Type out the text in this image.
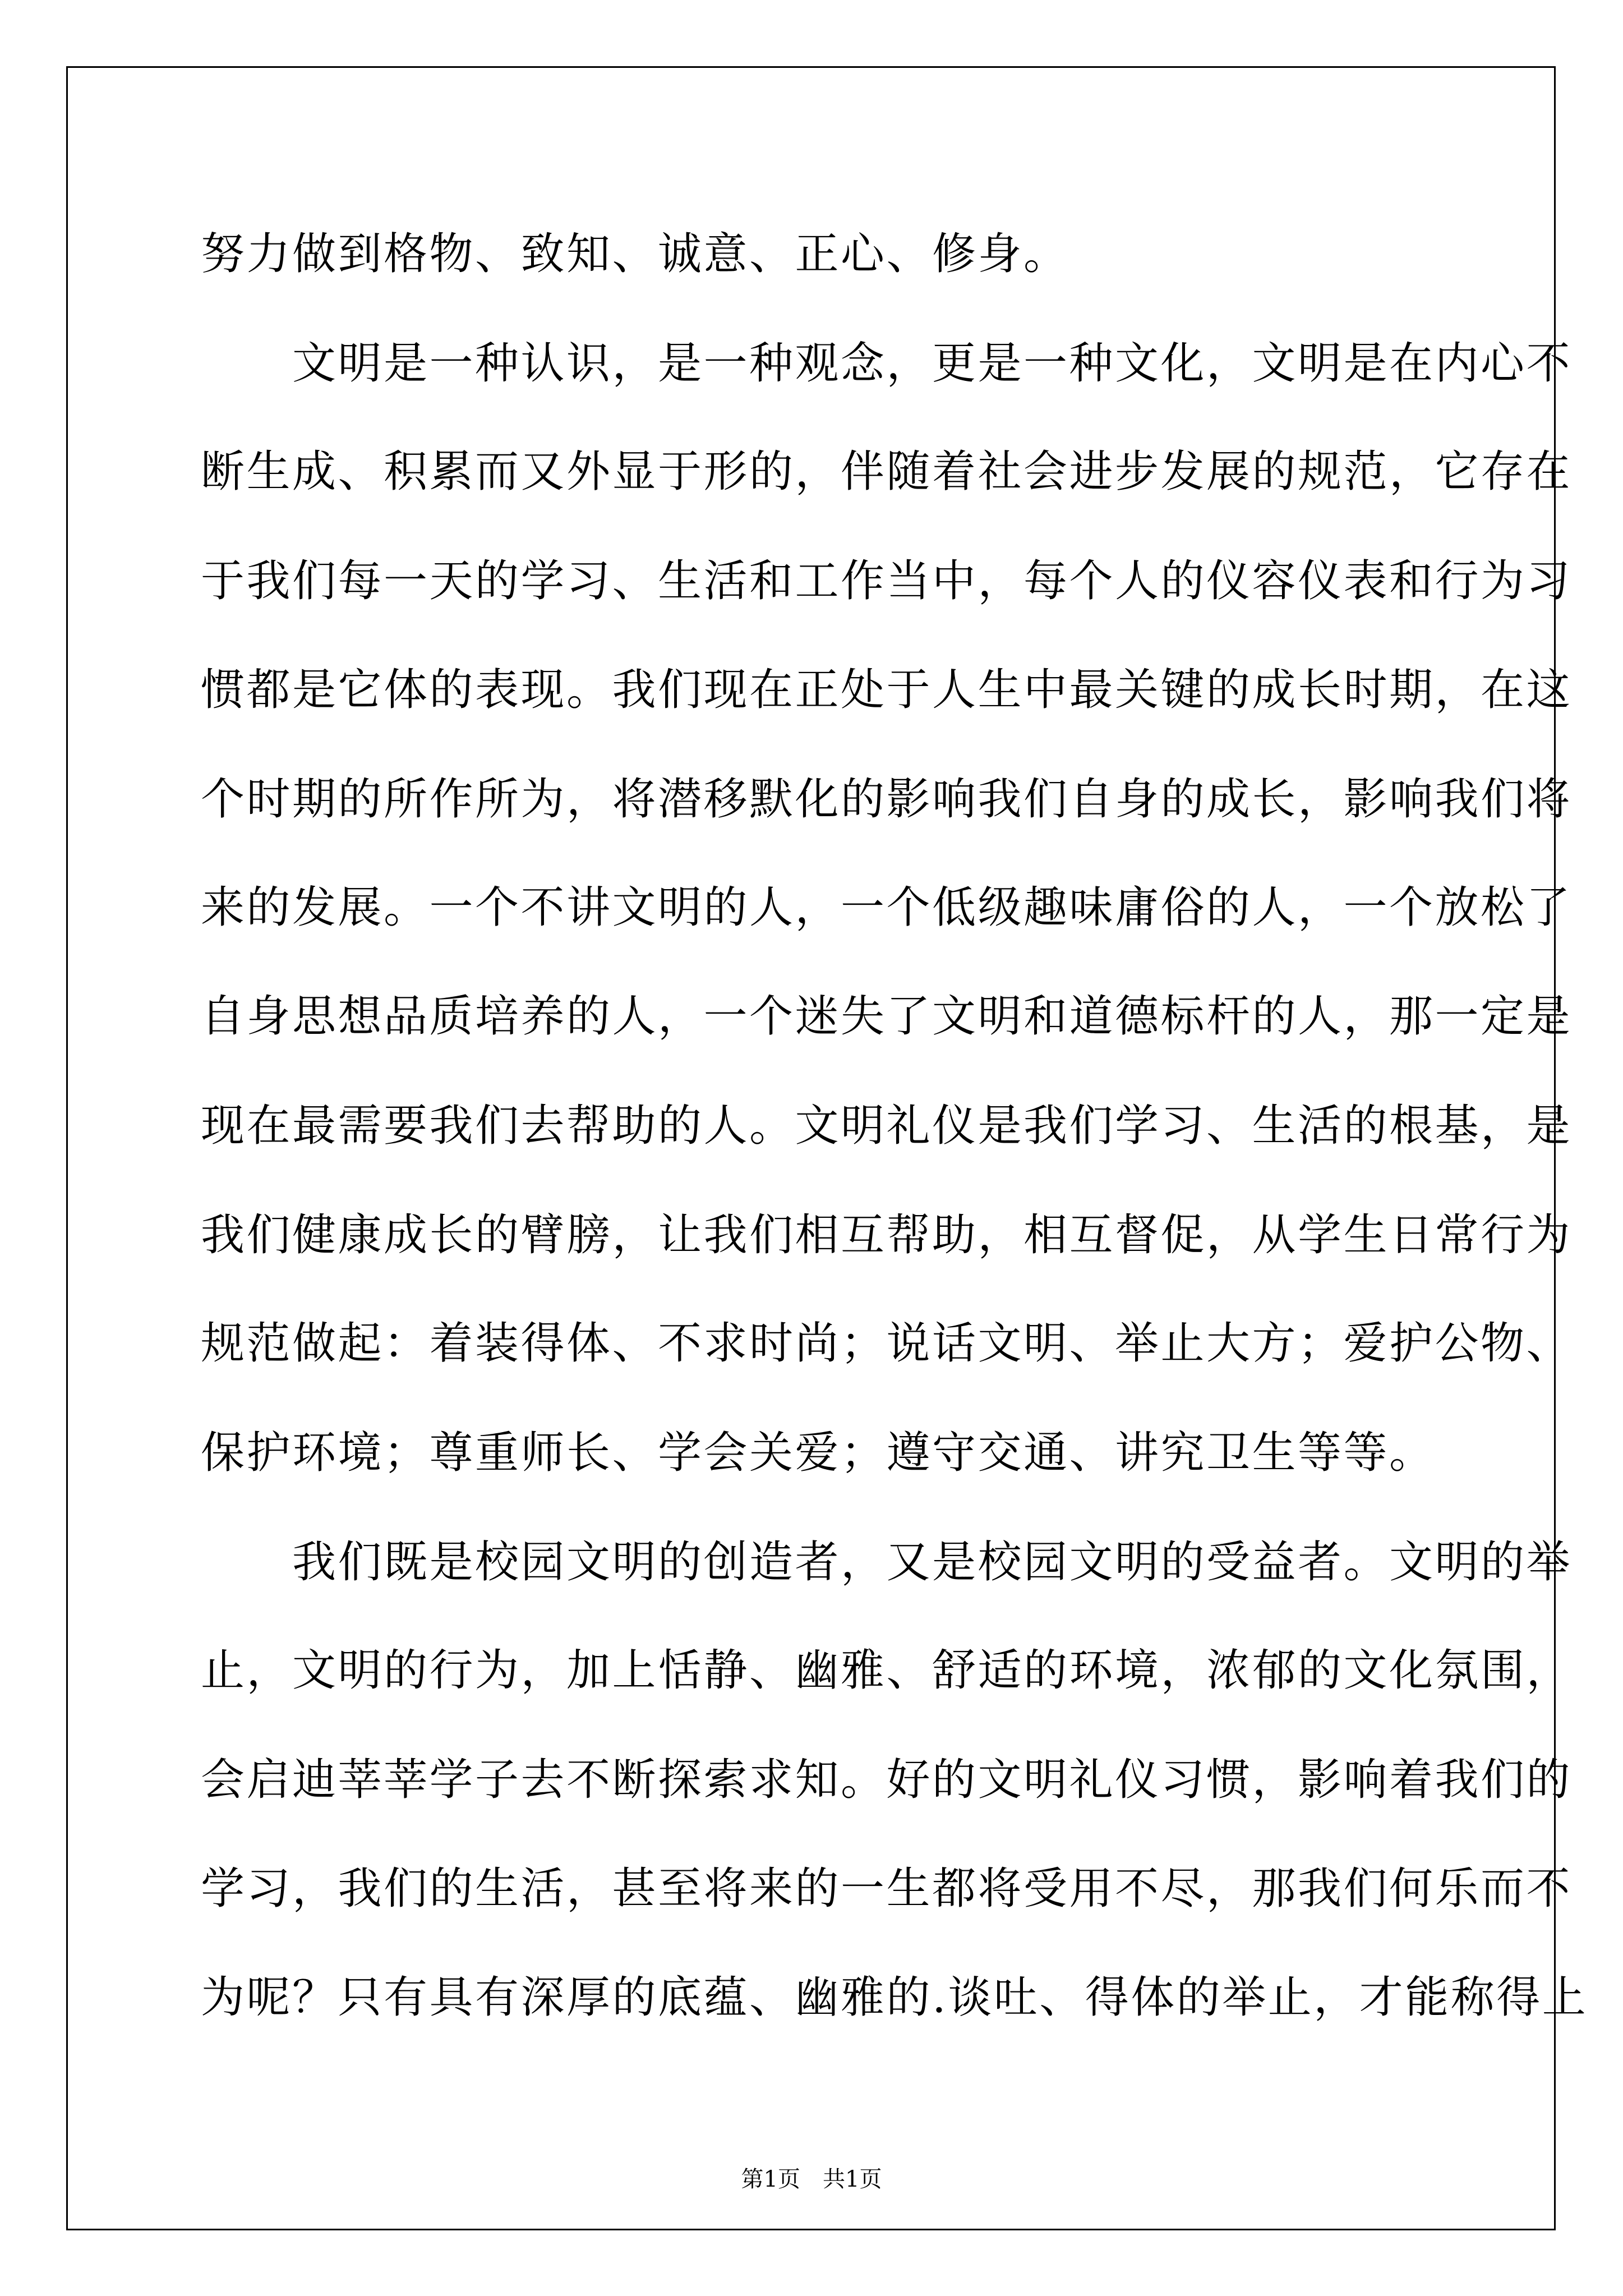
努力做到格物、致知、诚意、正心、修身。
　　文明是一种认识，是一种观念，更是一种文化，文明是在内心不
断生成、积累而又外显于形的，伴随着社会进步发展的规范，它存在
于我们每一天的学习、生活和工作当中，每个人的仪容仪表和行为习
惯都是它体的表现。我们现在正处于人生中最关键的成长时期，在这
个时期的所作所为，将潜移默化的影响我们自身的成长，影响我们将
来的发展。一个不讲文明的人，一个低级趣味庸俗的人，一个放松了
自身思想品质培养的人，一个迷失了文明和道德标杆的人，那一定是
现在最需要我们去帮助的人。文明礼仪是我们学习、生活的根基，是
我们健康成长的臂膀，让我们相互帮助，相互督促，从学生日常行为
规范做起：着装得体、不求时尚；说话文明、举止大方；爱护公物、
保护环境；尊重师长、学会关爱；遵守交通、讲究卫生等等。
　　我们既是校园文明的创造者，又是校园文明的受益者。文明的举
止，文明的行为，加上恬静、幽雅、舒适的环境，浓郁的文化氛围，
会启迪莘莘学子去不断探索求知。好的文明礼仪习惯，影响着我们的
学习，我们的生活，甚至将来的一生都将受用不尽，那我们何乐而不
为呢？只有具有深厚的底蕴、幽雅的.谈吐、得体的举止，才能称得上
第1页　共1页
